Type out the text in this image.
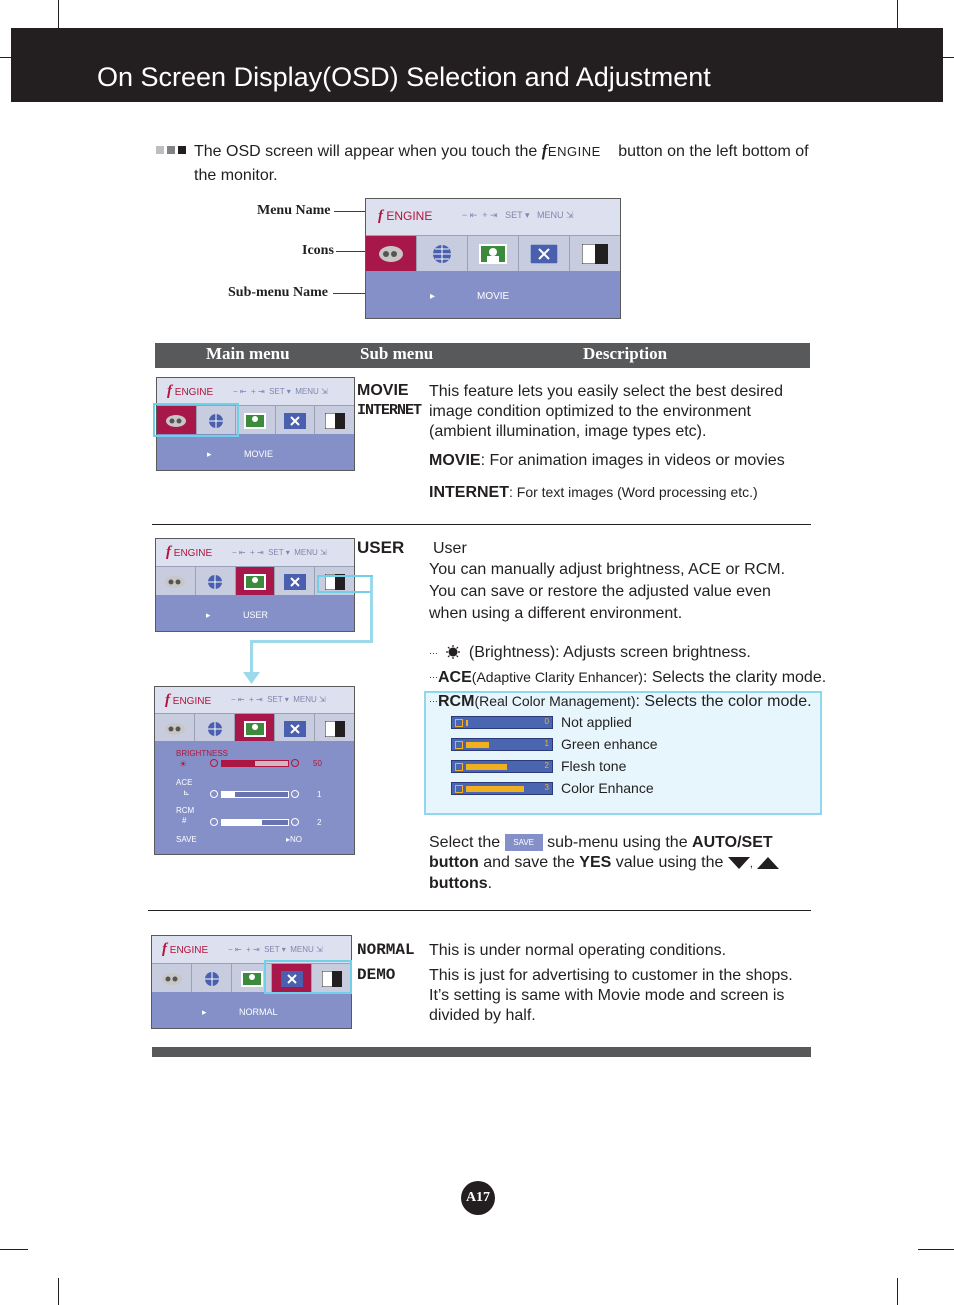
On Screen Display(OSD) Selection and Adjustment
The OSD screen will appear when you touch the fENGINE button on the left bottom of the monitor.
Menu Name
Icons
Sub-menu Name
f ENGINE	− ⇤  + ⇥   SET ▾   MENU ⇲
▸	MOVIE
Main menu	Sub menu	Description
f ENGINE − ⇤  + ⇥  SET ▾  MENU ⇲
▸	MOVIE
MOVIE
INTERNET
This feature lets you easily select the best desired image condition optimized to the environment (ambient illumination, image types etc).
MOVIE: For animation images in videos or movies
INTERNET: For text images (Word processing etc.)
f ENGINE − ⇤  + ⇥  SET ▾  MENU ⇲
▸	USER
f ENGINE − ⇤  + ⇥  SET ▾  MENU ⇲
BRIGHTNESS
☀	50
ACE
⊾	1
RCM
#	2
SAVE	▸NO
USER User
You can manually adjust brightness, ACE or RCM. You can save or restore the adjusted value even when using a different environment.
··· (Brightness): Adjusts screen brightness.
···ACE(Adaptive Clarity Enhancer): Selects the clarity mode.
···RCM(Real Color Management): Selects the color mode.
0 Not applied
1 Green enhance
2 Flesh tone
3 Color Enhance
Select the SAVE sub-menu using the AUTO/SET button and save the YES value using the ,  buttons.
f ENGINE − ⇤  + ⇥  SET ▾  MENU ⇲
▸	NORMAL
NORMAL
DEMO
This is under normal operating conditions.
This is just for advertising to customer in the shops. It’s setting is same with Movie mode and screen is divided by half.
A17
